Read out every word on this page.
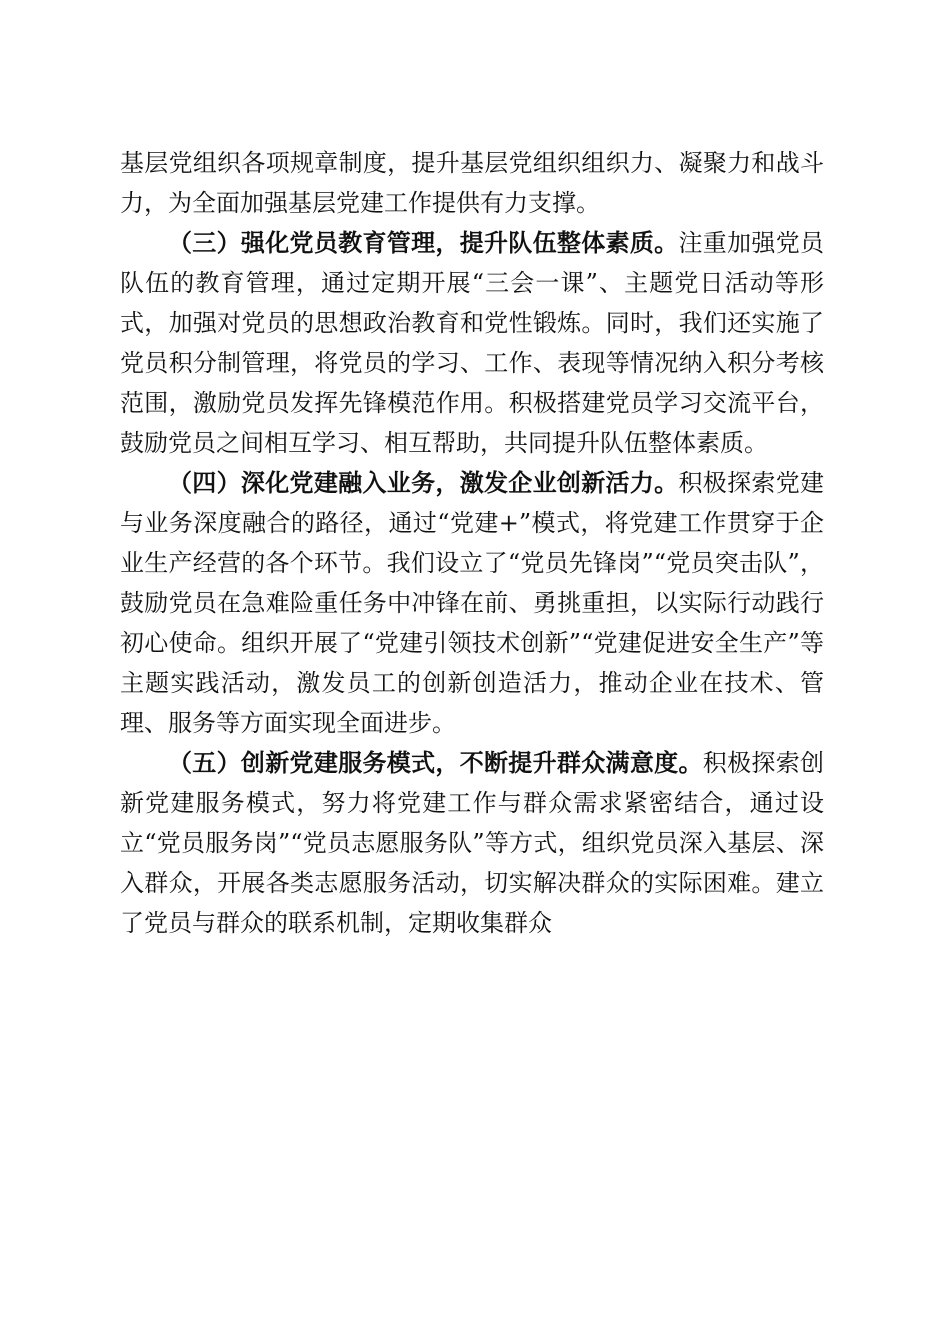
基层党组织各项规章制度，提升基层党组织组织力、凝聚力和战斗力，为全面加强基层党建工作提供有力支撑。

（三）强化党员教育管理，提升队伍整体素质。注重加强党员队伍的教育管理，通过定期开展“三会一课”、主题党日活动等形式，加强对党员的思想政治教育和党性锻炼。同时，我们还实施了党员积分制管理，将党员的学习、工作、表现等情况纳入积分考核范围，激励党员发挥先锋模范作用。积极搭建党员学习交流平台，鼓励党员之间相互学习、相互帮助，共同提升队伍整体素质。

（四）深化党建融入业务，激发企业创新活力。积极探索党建与业务深度融合的路径，通过“党建+”模式，将党建工作贯穿于企业生产经营的各个环节。我们设立了“党员先锋岗”“党员突击队”，鼓励党员在急难险重任务中冲锋在前、勇挑重担，以实际行动践行初心使命。组织开展了“党建引领技术创新”“党建促进安全生产”等主题实践活动，激发员工的创新创造活力，推动企业在技术、管理、服务等方面实现全面进步。

（五）创新党建服务模式，不断提升群众满意度。积极探索创新党建服务模式，努力将党建工作与群众需求紧密结合，通过设立“党员服务岗”“党员志愿服务队”等方式，组织党员深入基层、深入群众，开展各类志愿服务活动，切实解决群众的实际困难。建立了党员与群众的联系机制，定期收集群众
